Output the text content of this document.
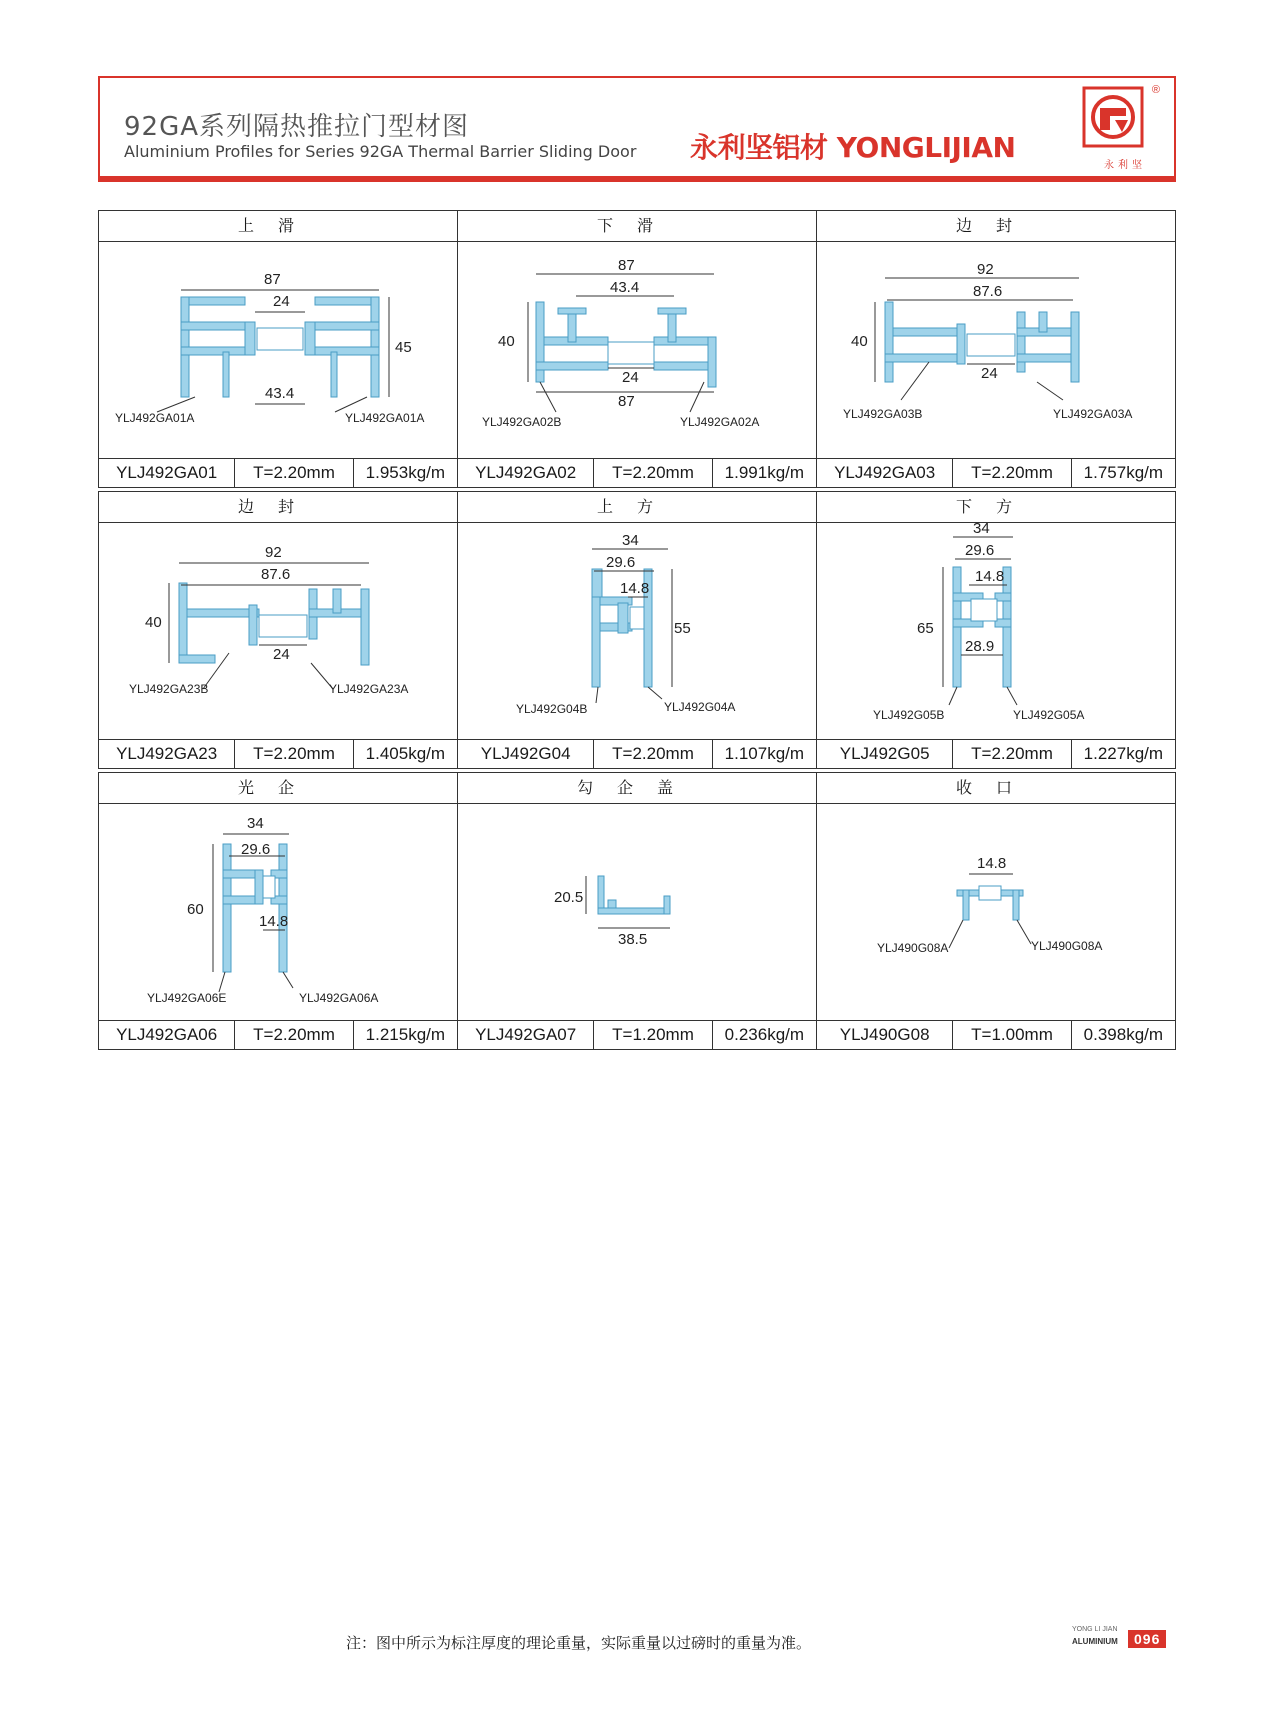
92GA系列隔热推拉门型材图
Aluminium Profiles for Series 92GA Thermal Barrier Sliding Door 永利坚铝材 YONGLIJIAN
永利坚
®
上滑
87
24
45
43.4
YLJ492GA01A	YLJ492GA01A
YLJ492GA01	T=2.20mm	1.953kg/m
下滑
87
43.4
40
24
87
YLJ492GA02B	YLJ492GA02A
YLJ492GA02	T=2.20mm	1.991kg/m
边封
92
87.6
40
24
YLJ492GA03B	YLJ492GA03A
YLJ492GA03	T=2.20mm	1.757kg/m
边封
92
87.6
40
24
YLJ492GA23B	YLJ492GA23A
YLJ492GA23	T=2.20mm	1.405kg/m
上方
34
29.6
14.8
55
YLJ492G04B	YLJ492G04A
YLJ492G04	T=2.20mm	1.107kg/m
下方
34
29.6
14.8
65
28.9
YLJ492G05B	YLJ492G05A
YLJ492G05	T=2.20mm	1.227kg/m
光企
34
29.6
60
14.8
YLJ492GA06E	YLJ492GA06A
YLJ492GA06	T=2.20mm	1.215kg/m
勾企盖
20.5
38.5
YLJ492GA07	T=1.20mm	0.236kg/m
收口
14.8
YLJ490G08A	YLJ490G08A
YLJ490G08	T=1.00mm	0.398kg/m
注：图中所示为标注厚度的理论重量，实际重量以过磅时的重量为准。
YONG LI JIAN
ALUMINIUM	096
